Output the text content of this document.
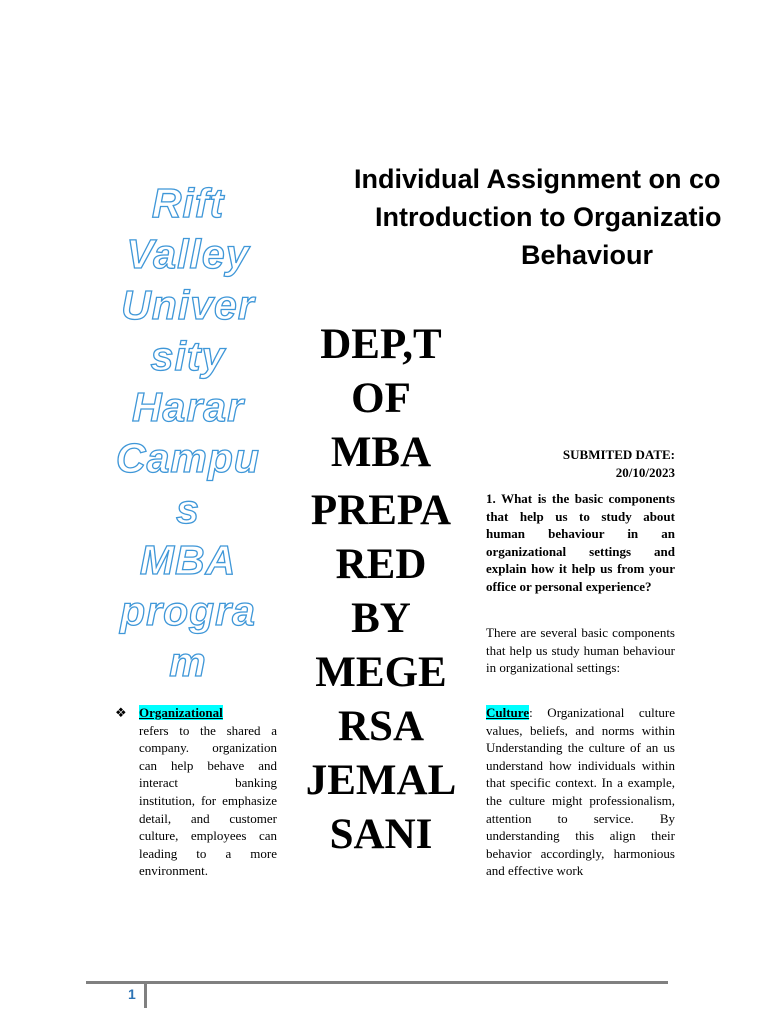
Individual Assignment on co
Introduction to Organizatio
Behaviour
Rift
Valley
Univer
sity
Harar
Campu
s
MBA
progra
m
DEP,T
OF
MBA
PREPA
RED
BY
MEGE
RSA
JEMAL
SANI
SUBMITED DATE:
20/10/2023
1. What is the basic components that help us to study about human behaviour in an organizational settings and explain how it help us from your office or personal experience?
There are several basic components that help us study human behaviour in organizational settings:
Culture: Organizational culture values, beliefs, and norms within Understanding the culture of an us understand how individuals within that specific context. In a example, the culture might professionalism, attention to service. By understanding this align their behavior accordingly, harmonious and effective work
❖ Organizational
refers to the shared a company. organization can help behave and interact banking institution, for emphasize detail, and customer culture, employees can leading to a more environment.
1
